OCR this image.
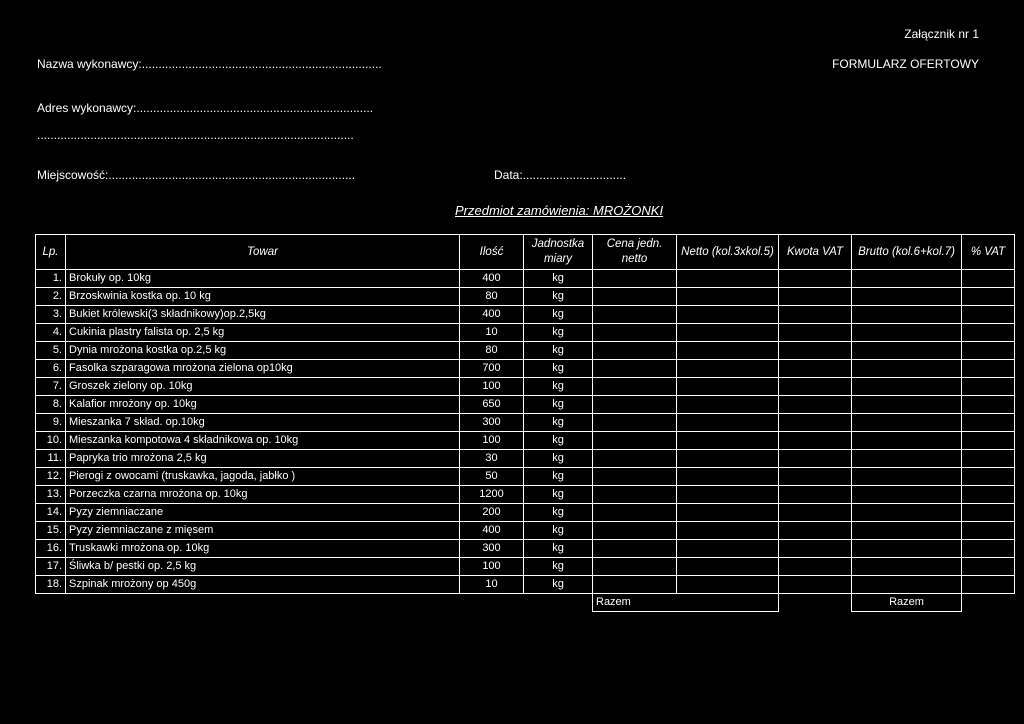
Załącznik nr 1
FORMULARZ OFERTOWY
Nazwa wykonawcy:........................................................................
Adres wykonawcy:.......................................................................
...............................................................................................
Miejscowość:..........................................................................	Data:...............................
Przedmiot zamówienia: MROŻONKI
Lp.	Towar	Ilość	Jadnostka miary	Cena jedn. netto	Netto (kol.3xkol.5)	Kwota VAT	Brutto (kol.6+kol.7)	% VAT
1.	Brokuły op. 10kg	400	kg					
2.	Brzoskwinia kostka op. 10 kg	80	kg					
3.	Bukiet królewski(3 składnikowy)op.2,5kg	400	kg					
4.	Cukinia plastry falista op. 2,5 kg	10	kg					
5.	Dynia mrożona kostka op.2,5 kg	80	kg					
6.	Fasolka szparagowa mrożona zielona op10kg	700	kg					
7.	Groszek zielony op. 10kg	100	kg					
8.	Kalafior mrożony op. 10kg	650	kg					
9.	Mieszanka 7 skład. op.10kg	300	kg					
10.	Mieszanka kompotowa 4 składnikowa op. 10kg	100	kg					
11.	Papryka trio mrożona 2,5 kg	30	kg					
12.	Pierogi z owocami (truskawka, jagoda, jabłko )	50	kg					
13.	Porzeczka czarna mrożona op. 10kg	1200	kg					
14.	Pyzy ziemniaczane	200	kg					
15.	Pyzy ziemniaczane z mięsem	400	kg					
16.	Truskawki mrożona op. 10kg	300	kg					
17.	Śliwka b/ pestki op. 2,5 kg	100	kg					
18.	Szpinak mrożony op 450g	10	kg					
				Razem			Razem	
